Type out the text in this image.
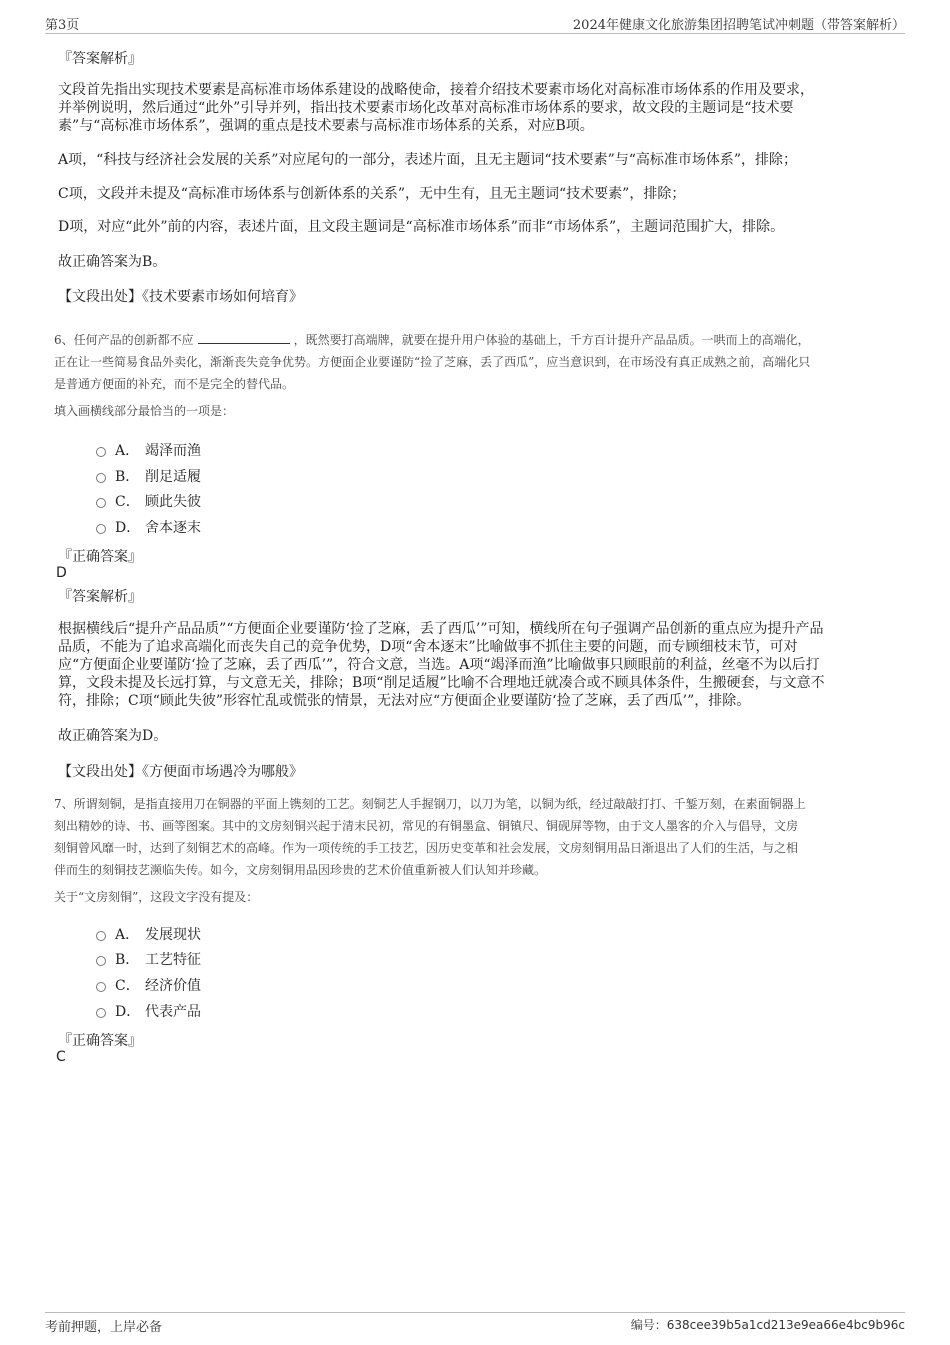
第3页	2024年健康文化旅游集团招聘笔试冲刺题（带答案解析）
『答案解析』
文段首先指出实现技术要素是高标准市场体系建设的战略使命，接着介绍技术要素市场化对高标准市场体系的作用及要求，
并举例说明，然后通过“此外”引导并列，指出技术要素市场化改革对高标准市场体系的要求，故文段的主题词是“技术要
素”与“高标准市场体系”，强调的重点是技术要素与高标准市场体系的关系，对应B项。
A项，“科技与经济社会发展的关系”对应尾句的一部分，表述片面，且无主题词“技术要素”与“高标准市场体系”，排除；
C项，文段并未提及“高标准市场体系与创新体系的关系”，无中生有，且无主题词“技术要素”，排除；
D项，对应“此外”前的内容，表述片面，且文段主题词是“高标准市场体系”而非“市场体系”，主题词范围扩大，排除。
故正确答案为B。
【文段出处】《技术要素市场如何培育》
6、任何产品的创新都不应	，既然要打高端牌，就要在提升用户体验的基础上，千方百计提升产品品质。一哄而上的高端化，
正在让一些简易食品外卖化，渐渐丧失竞争优势。方便面企业要谨防“捡了芝麻，丢了西瓜”，应当意识到，在市场没有真正成熟之前，高端化只
是普通方便面的补充，而不是完全的替代品。
填入画横线部分最恰当的一项是：
A． 竭泽而渔
B． 削足适履
C． 顾此失彼
D． 舍本逐末
『正确答案』
D
『答案解析』
根据横线后“提升产品品质”“方便面企业要谨防‘捡了芝麻，丢了西瓜’”可知，横线所在句子强调产品创新的重点应为提升产品
品质，不能为了追求高端化而丧失自己的竞争优势，D项“舍本逐末”比喻做事不抓住主要的问题，而专顾细枝末节，可对
应“方便面企业要谨防‘捡了芝麻，丢了西瓜’”，符合文意，当选。A项“竭泽而渔”比喻做事只顾眼前的利益，丝毫不为以后打
算，文段未提及长远打算，与文意无关，排除；B项“削足适履”比喻不合理地迁就凑合或不顾具体条件，生搬硬套，与文意不
符，排除；C项“顾此失彼”形容忙乱或慌张的情景，无法对应“方便面企业要谨防‘捡了芝麻，丢了西瓜’”，排除。
故正确答案为D。
【文段出处】《方便面市场遇冷为哪般》
7、所谓刻铜，是指直接用刀在铜器的平面上镌刻的工艺。刻铜艺人手握钢刀，以刀为笔，以铜为纸，经过敲敲打打、千錾万刻，在素面铜器上
刻出精妙的诗、书、画等图案。其中的文房刻铜兴起于清末民初，常见的有铜墨盒、铜镇尺、铜砚屏等物，由于文人墨客的介入与倡导，文房
刻铜曾风靡一时，达到了刻铜艺术的高峰。作为一项传统的手工技艺，因历史变革和社会发展，文房刻铜用品日渐退出了人们的生活，与之相
伴而生的刻铜技艺濒临失传。如今，文房刻铜用品因珍贵的艺术价值重新被人们认知并珍藏。
关于“文房刻铜”，这段文字没有提及：
A． 发展现状
B． 工艺特征
C． 经济价值
D． 代表产品
『正确答案』
C
考前押题，上岸必备	编号：638cee39b5a1cd213e9ea66e4bc9b96c
